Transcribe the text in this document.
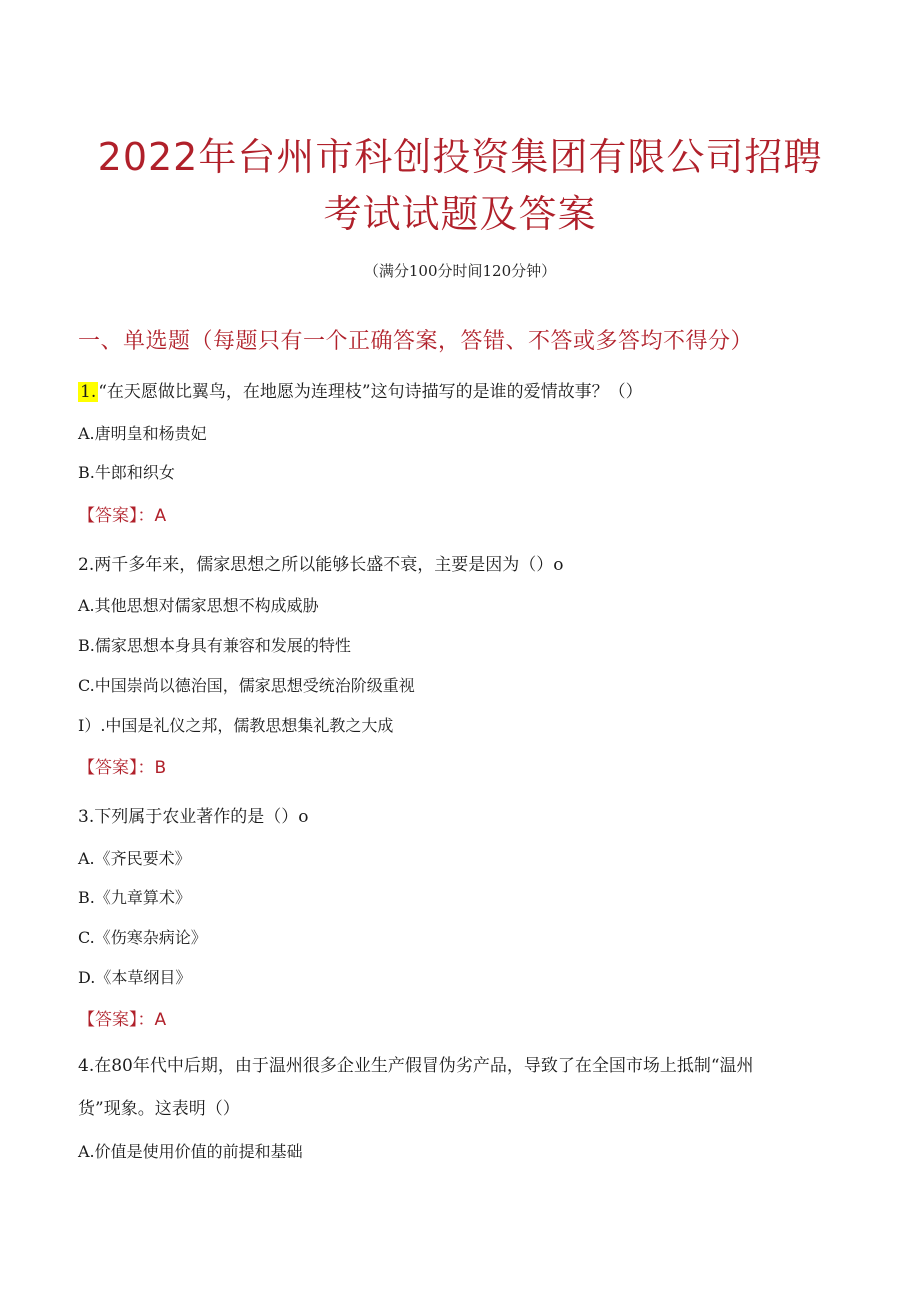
2022年台州市科创投资集团有限公司招聘
考试试题及答案
（满分100分时间120分钟）
一、单选题（每题只有一个正确答案，答错、不答或多答均不得分）
1. “在天愿做比翼鸟，在地愿为连理枝”这句诗描写的是谁的爱情故事？（）
A.唐明皇和杨贵妃
B.牛郎和织女
【答案】：A
2.两千多年来，儒家思想之所以能够长盛不衰，主要是因为（）o
A.其他思想对儒家思想不构成威胁
B.儒家思想本身具有兼容和发展的特性
C.中国崇尚以德治国，儒家思想受统治阶级重视
I）.中国是礼仪之邦，儒教思想集礼教之大成
【答案】：B
3.下列属于农业著作的是（）o
A.《齐民要术》
B.《九章算术》
C.《伤寒杂病论》
D.《本草纲目》
【答案】：A
4.在80年代中后期，由于温州很多企业生产假冒伪劣产品，导致了在全国市场上抵制“温州
货”现象。这表明（）
A.价值是使用价值的前提和基础
